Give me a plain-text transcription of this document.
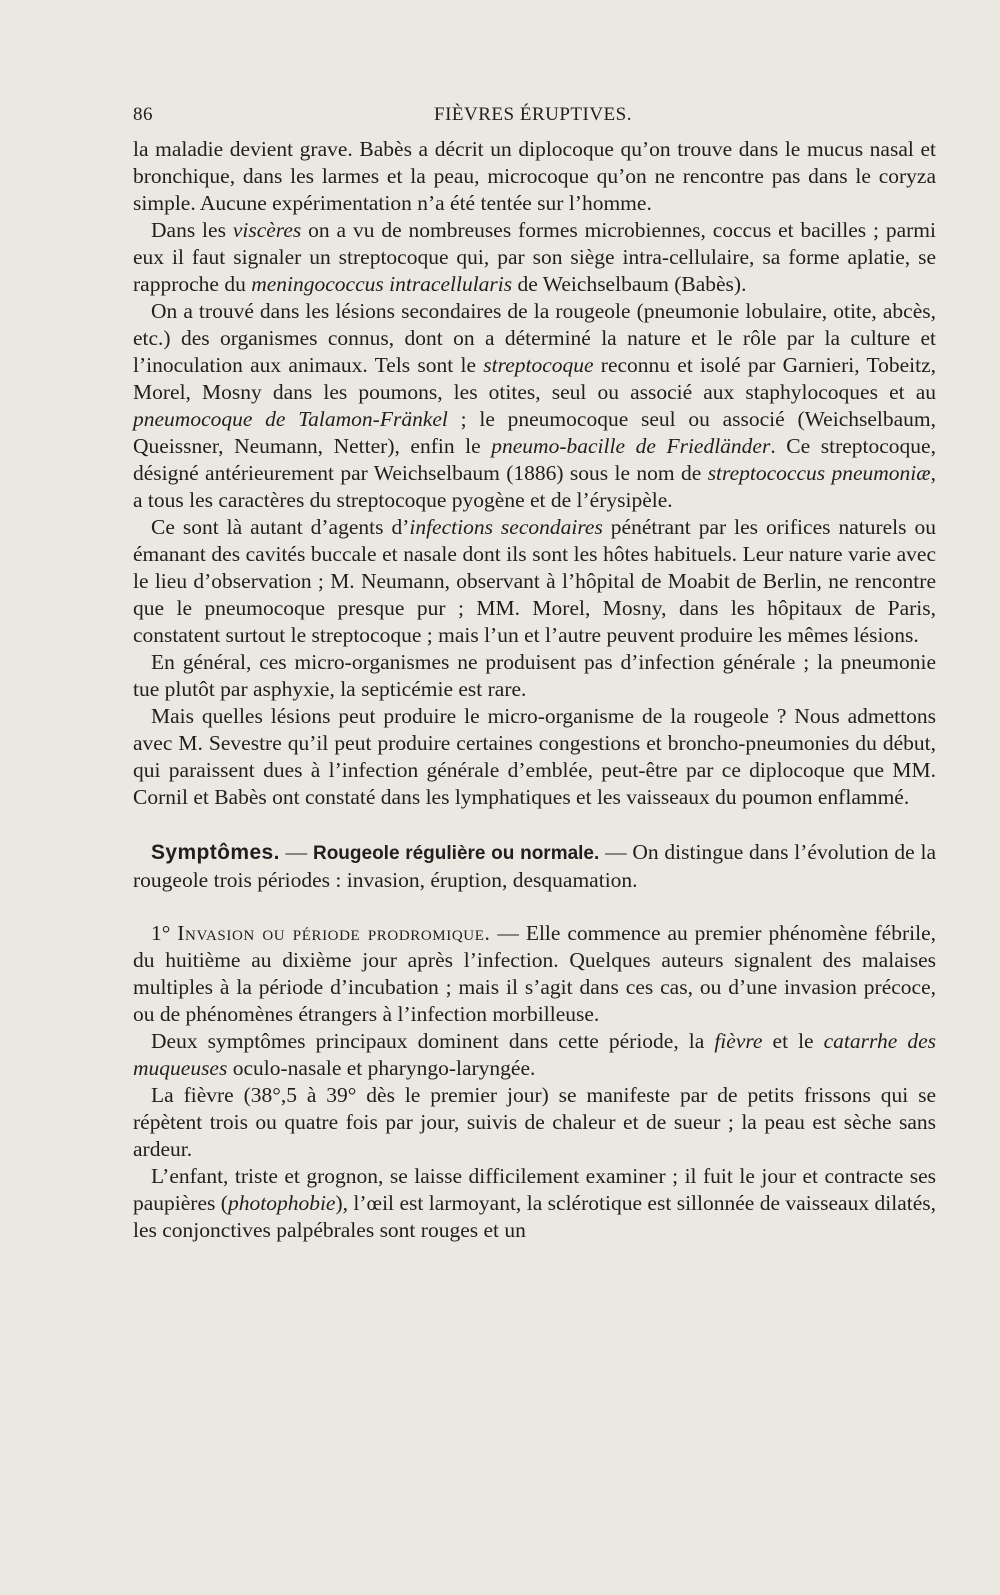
86	FIÈVRES ÉRUPTIVES.

la maladie devient grave. Babès a décrit un diplocoque qu’on trouve dans le mucus nasal et bronchique, dans les larmes et la peau, microcoque qu’on ne rencontre pas dans le coryza simple. Aucune expérimentation n’a été tentée sur l’homme.

Dans les viscères on a vu de nombreuses formes microbiennes, coccus et bacilles ; parmi eux il faut signaler un streptocoque qui, par son siège intra-cellulaire, sa forme aplatie, se rapproche du meningococcus intracellularis de Weichselbaum (Babès).

On a trouvé dans les lésions secondaires de la rougeole (pneumonie lobulaire, otite, abcès, etc.) des organismes connus, dont on a déterminé la nature et le rôle par la culture et l’inoculation aux animaux. Tels sont le streptocoque reconnu et isolé par Garnieri, Tobeitz, Morel, Mosny dans les poumons, les otites, seul ou associé aux staphylocoques et au pneumocoque de Talamon-Fränkel ; le pneumocoque seul ou associé (Weichselbaum, Queissner, Neumann, Netter), enfin le pneumo-bacille de Friedländer. Ce streptocoque, désigné antérieurement par Weichselbaum (1886) sous le nom de streptococcus pneumoniæ, a tous les caractères du streptocoque pyogène et de l’érysipèle.

Ce sont là autant d’agents d’infections secondaires pénétrant par les orifices naturels ou émanant des cavités buccale et nasale dont ils sont les hôtes habituels. Leur nature varie avec le lieu d’observation ; M. Neumann, observant à l’hôpital de Moabit de Berlin, ne rencontre que le pneumocoque presque pur ; MM. Morel, Mosny, dans les hôpitaux de Paris, constatent surtout le streptocoque ; mais l’un et l’autre peuvent produire les mêmes lésions.

En général, ces micro-organismes ne produisent pas d’infection générale ; la pneumonie tue plutôt par asphyxie, la septicémie est rare.

Mais quelles lésions peut produire le micro-organisme de la rougeole ? Nous admettons avec M. Sevestre qu’il peut produire certaines congestions et broncho-pneumonies du début, qui paraissent dues à l’infection générale d’emblée, peut-être par ce diplocoque que MM. Cornil et Babès ont constaté dans les lymphatiques et les vaisseaux du poumon enflammé.

Symptômes. — Rougeole régulière ou normale. — On distingue dans l’évolution de la rougeole trois périodes : invasion, éruption, desquamation.

1° Invasion ou période prodromique. — Elle commence au premier phénomène fébrile, du huitième au dixième jour après l’infection. Quelques auteurs signalent des malaises multiples à la période d’incubation ; mais il s’agit dans ces cas, ou d’une invasion précoce, ou de phénomènes étrangers à l’infection morbilleuse.

Deux symptômes principaux dominent dans cette période, la fièvre et le catarrhe des muqueuses oculo-nasale et pharyngo-laryngée.

La fièvre (38°,5 à 39° dès le premier jour) se manifeste par de petits frissons qui se répètent trois ou quatre fois par jour, suivis de chaleur et de sueur ; la peau est sèche sans ardeur.

L’enfant, triste et grognon, se laisse difficilement examiner ; il fuit le jour et contracte ses paupières (photophobie), l’œil est larmoyant, la sclérotique est sillonnée de vaisseaux dilatés, les conjonctives palpébrales sont rouges et un
